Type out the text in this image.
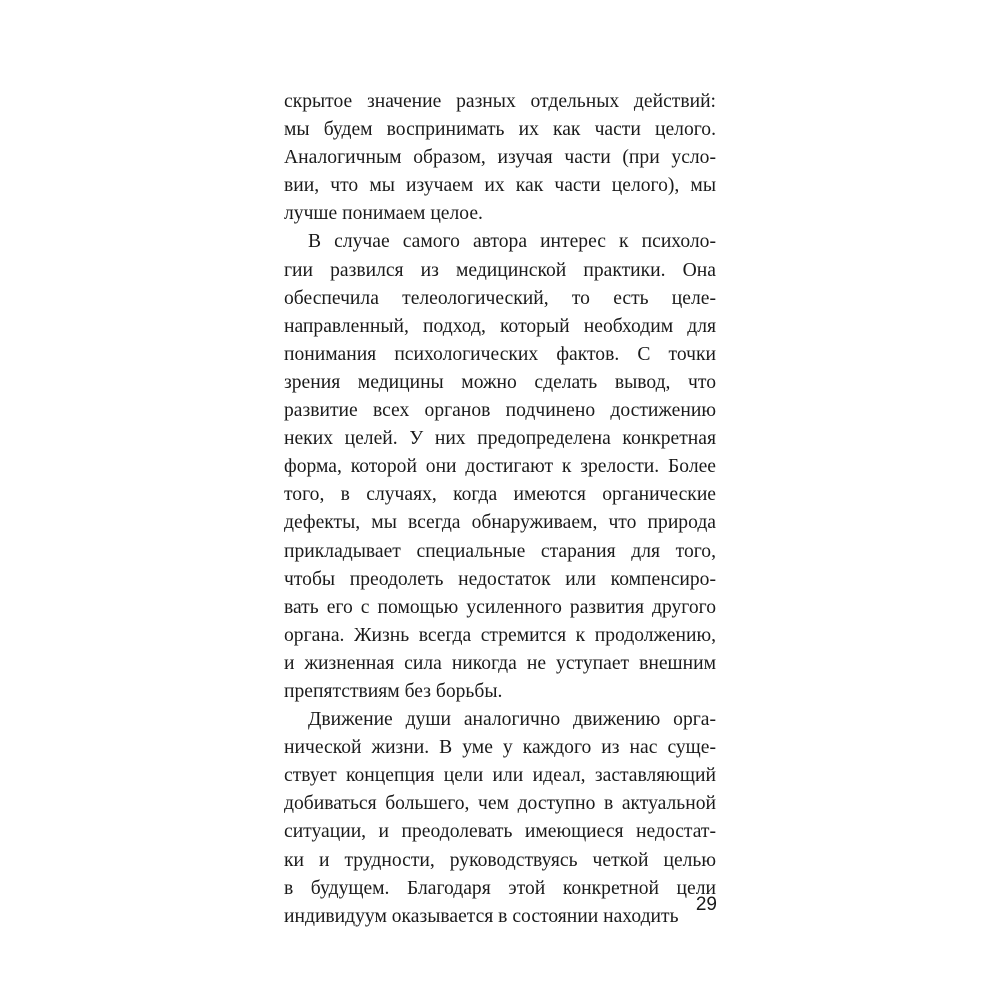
скрытое значение разных отдельных действий:
мы будем воспринимать их как части целого.
Аналогичным образом, изучая части (при усло-
вии, что мы изучаем их как части целого), мы
лучше понимаем целое.
В случае самого автора интерес к психоло-
гии развился из медицинской практики. Она
обеспечила телеологический, то есть целе-
направленный, подход, который необходим для
понимания психологических фактов. С точки
зрения медицины можно сделать вывод, что
развитие всех органов подчинено достижению
неких целей. У них предопределена конкретная
форма, которой они достигают к зрелости. Более
того, в случаях, когда имеются органические
дефекты, мы всегда обнаруживаем, что природа
прикладывает специальные старания для того,
чтобы преодолеть недостаток или компенсиро-
вать его с помощью усиленного развития другого
органа. Жизнь всегда стремится к продолжению,
и жизненная сила никогда не уступает внешним
препятствиям без борьбы.
Движение души аналогично движению орга-
нической жизни. В уме у каждого из нас суще-
ствует концепция цели или идеал, заставляющий
добиваться большего, чем доступно в актуальной
ситуации, и преодолевать имеющиеся недостат-
ки и трудности, руководствуясь четкой целью
в будущем. Благодаря этой конкретной цели
индивидуум оказывается в состоянии находить
29
